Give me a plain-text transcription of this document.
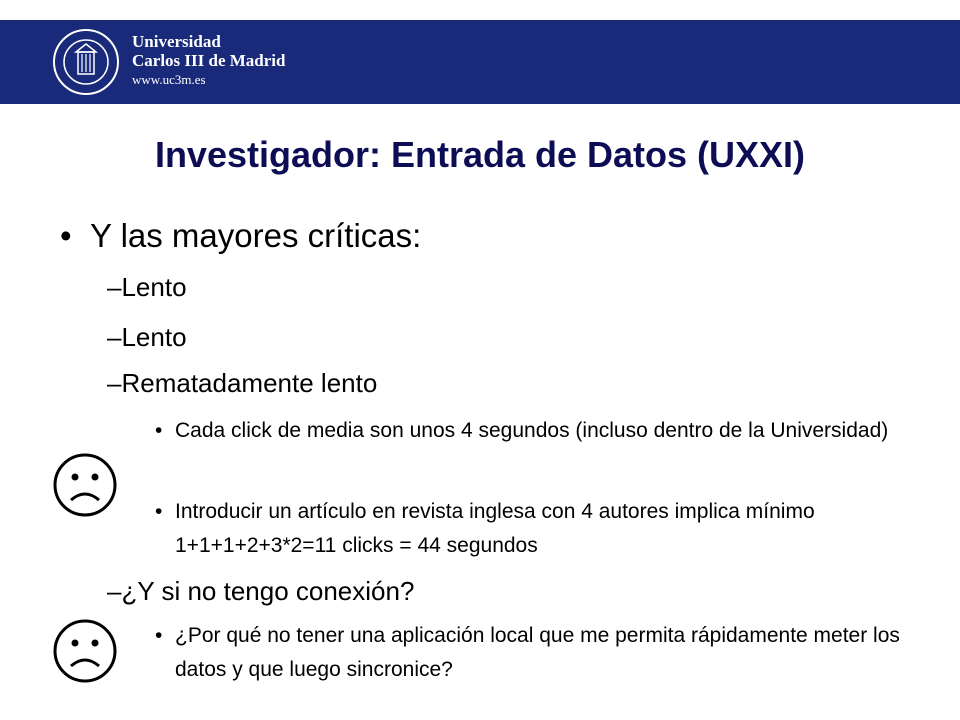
Universidad
Carlos III de Madrid
www.uc3m.es
Investigador: Entrada de Datos (UXXI)
• Y las mayores críticas:
–Lento
–Lento
–Rematadamente lento
• Cada click de media son unos 4 segundos (incluso dentro de la Universidad)
• Introducir un artículo en revista inglesa con 4 autores implica mínimo 1+1+1+2+3*2=11 clicks = 44 segundos
–¿Y si no tengo conexión?
• ¿Por qué no tener una aplicación local que me permita rápidamente meter los datos y que luego sincronice?
